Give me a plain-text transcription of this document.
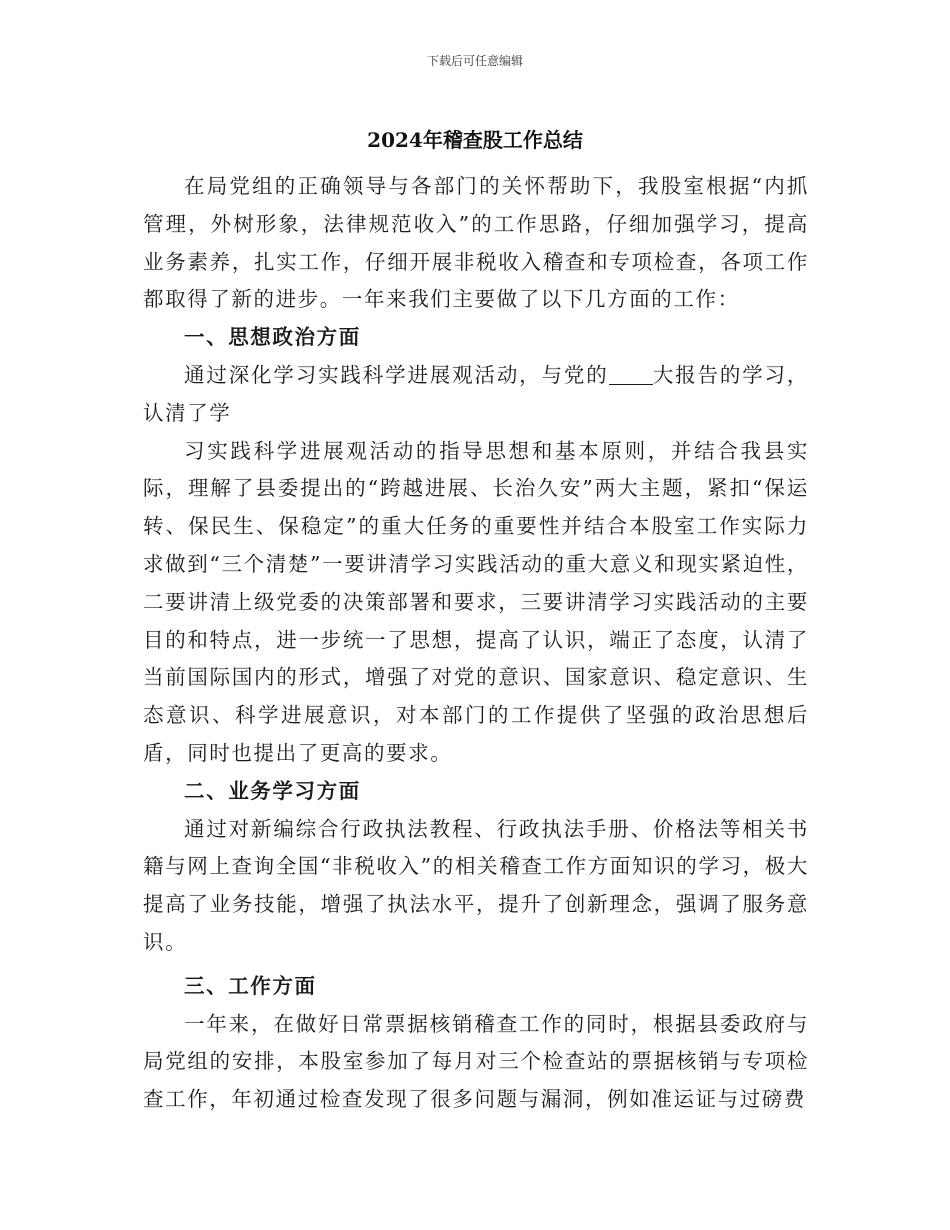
下载后可任意编辑
2024年稽查股工作总结

在局党组的正确领导与各部门的关怀帮助下，我股室根据“内抓管理，外树形象，法律规范收入”的工作思路，仔细加强学习，提高业务素养，扎实工作，仔细开展非税收入稽查和专项检查，各项工作都取得了新的进步。一年来我们主要做了以下几方面的工作：

一、思想政治方面

通过深化学习实践科学进展观活动，与党的 大报告的学习，认清了学

习实践科学进展观活动的指导思想和基本原则，并结合我县实际，理解了县委提出的“跨越进展、长治久安”两大主题，紧扣“保运转、保民生、保稳定”的重大任务的重要性并结合本股室工作实际力求做到“三个清楚”一要讲清学习实践活动的重大意义和现实紧迫性，二要讲清上级党委的决策部署和要求，三要讲清学习实践活动的主要目的和特点，进一步统一了思想，提高了认识，端正了态度，认清了当前国际国内的形式，增强了对党的意识、国家意识、稳定意识、生态意识、科学进展意识，对本部门的工作提供了坚强的政治思想后盾，同时也提出了更高的要求。

二、业务学习方面

通过对新编综合行政执法教程、行政执法手册、价格法等相关书籍与网上查询全国“非税收入”的相关稽查工作方面知识的学习，极大提高了业务技能，增强了执法水平，提升了创新理念，强调了服务意识。

三、工作方面

一年来，在做好日常票据核销稽查工作的同时，根据县委政府与局党组的安排，本股室参加了每月对三个检查站的票据核销与专项检查工作，年初通过检查发现了很多问题与漏洞，例如准运证与过磅费
